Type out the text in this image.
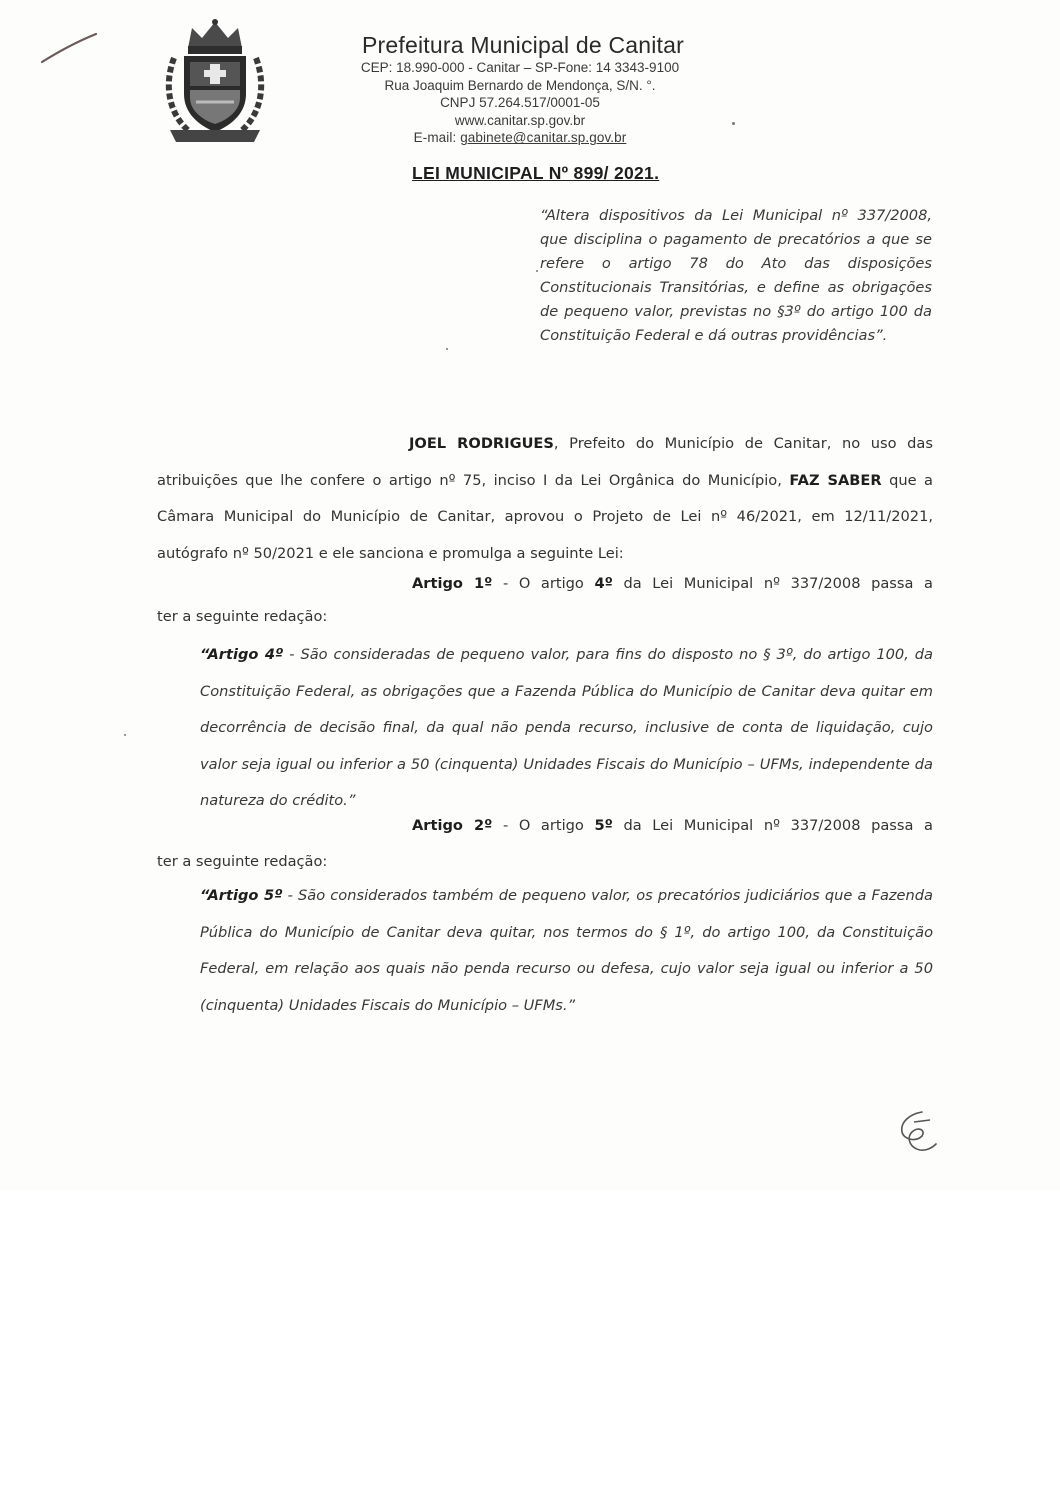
Prefeitura Municipal de Canitar
CEP: 18.990-000 - Canitar – SP-Fone: 14 3343-9100
Rua Joaquim Bernardo de Mendonça, S/N. °.
CNPJ 57.264.517/0001-05
www.canitar.sp.gov.br
E-mail: gabinete@canitar.sp.gov.br
LEI MUNICIPAL Nº 899/ 2021.
“Altera dispositivos da Lei Municipal nº 337/2008, que disciplina o pagamento de precatórios a que se refere o artigo 78 do Ato das disposições Constitucionais Transitórias, e define as obrigações de pequeno valor, previstas no §3º do artigo 100 da Constituição Federal e dá outras providências”.
JOEL RODRIGUES, Prefeito do Município de Canitar, no uso das atribuições que lhe confere o artigo nº 75, inciso I da Lei Orgânica do Município, FAZ SABER que a Câmara Municipal do Município de Canitar, aprovou o Projeto de Lei nº 46/2021, em 12/11/2021, autógrafo nº 50/2021 e ele sanciona e promulga a seguinte Lei:
Artigo 1º - O artigo 4º da Lei Municipal nº 337/2008 passa a
ter a seguinte redação:
“Artigo 4º - São consideradas de pequeno valor, para fins do disposto no § 3º, do artigo 100, da Constituição Federal, as obrigações que a Fazenda Pública do Município de Canitar deva quitar em decorrência de decisão final, da qual não penda recurso, inclusive de conta de liquidação, cujo valor seja igual ou inferior a 50 (cinquenta) Unidades Fiscais do Município – UFMs, independente da natureza do crédito.”
Artigo 2º - O artigo 5º da Lei Municipal nº 337/2008 passa a
ter a seguinte redação:
“Artigo 5º - São considerados também de pequeno valor, os precatórios judiciários que a Fazenda Pública do Município de Canitar deva quitar, nos termos do § 1º, do artigo 100, da Constituição Federal, em relação aos quais não penda recurso ou defesa, cujo valor seja igual ou inferior a 50 (cinquenta) Unidades Fiscais do Município – UFMs.”
